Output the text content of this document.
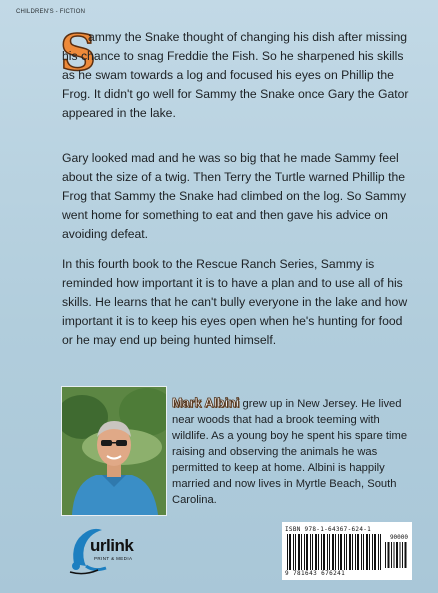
CHILDREN'S - FICTION
S

ammy the Snake thought of changing his dish after missing his chance to snag Freddie the Fish. So he sharpened his skills as he swam towards a log and focused his eyes on Phillip the Frog. It didn't go well for Sammy the Snake once Gary the Gator appeared in the lake.

Gary looked mad and he was so big that he made Sammy feel about the size of a twig. Then Terry the Turtle warned Phillip the Frog that Sammy the Snake had climbed on the log. So Sammy went home for something to eat and then gave his advice on avoiding defeat.

In this fourth book to the Rescue Ranch Series, Sammy is reminded how important it is to have a plan and to use all of his skills. He learns that he can't bully everyone in the lake and how important it is to keep his eyes open when he's hunting for food or he may end up being hunted himself.

Mark Albini grew up in New Jersey. He lived near woods that had a brook teeming with wildlife. As a young boy he spent his spare time raising and observing the animals he was permitted to keep at home. Albini is happily married and now lives in Myrtle Beach, South Carolina.

urlink
PRINT & MEDIA
ISBN 978-1-64367-624-1
90000
9 781643 676241
